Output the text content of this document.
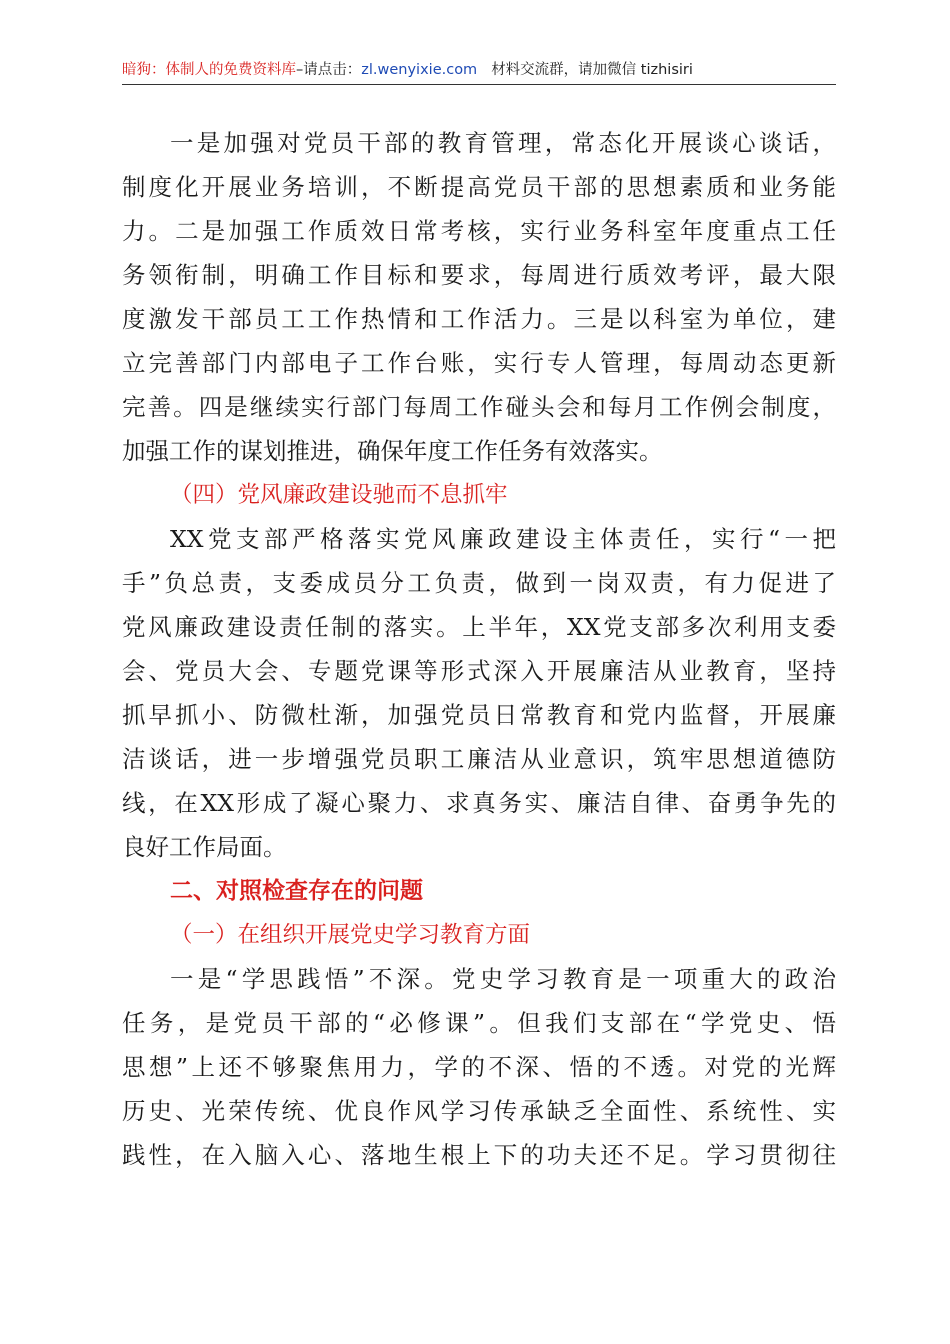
暗狗：体制人的免费资料库–请点击：zl.wenyixie.com 材料交流群，请加微信 tizhisiri
一是加强对党员干部的教育管理，常态化开展谈心谈话，
制度化开展业务培训，不断提高党员干部的思想素质和业务能
力。二是加强工作质效日常考核，实行业务科室年度重点工任
务领衔制，明确工作目标和要求，每周进行质效考评，最大限
度激发干部员工工作热情和工作活力。三是以科室为单位，建
立完善部门内部电子工作台账，实行专人管理，每周动态更新
完善。四是继续实行部门每周工作碰头会和每月工作例会制度，
加强工作的谋划推进，确保年度工作任务有效落实。
（四）党风廉政建设驰而不息抓牢
XX党支部严格落实党风廉政建设主体责任，实行“一把
手”负总责，支委成员分工负责，做到一岗双责，有力促进了
党风廉政建设责任制的落实。上半年，XX党支部多次利用支委
会、党员大会、专题党课等形式深入开展廉洁从业教育，坚持
抓早抓小、防微杜渐，加强党员日常教育和党内监督，开展廉
洁谈话，进一步增强党员职工廉洁从业意识，筑牢思想道德防
线，在XX形成了凝心聚力、求真务实、廉洁自律、奋勇争先的
良好工作局面。
二、对照检查存在的问题
（一）在组织开展党史学习教育方面
一是“学思践悟”不深。党史学习教育是一项重大的政治
任务，是党员干部的“必修课”。但我们支部在“学党史、悟
思想”上还不够聚焦用力，学的不深、悟的不透。对党的光辉
历史、光荣传统、优良作风学习传承缺乏全面性、系统性、实
践性，在入脑入心、落地生根上下的功夫还不足。学习贯彻往
